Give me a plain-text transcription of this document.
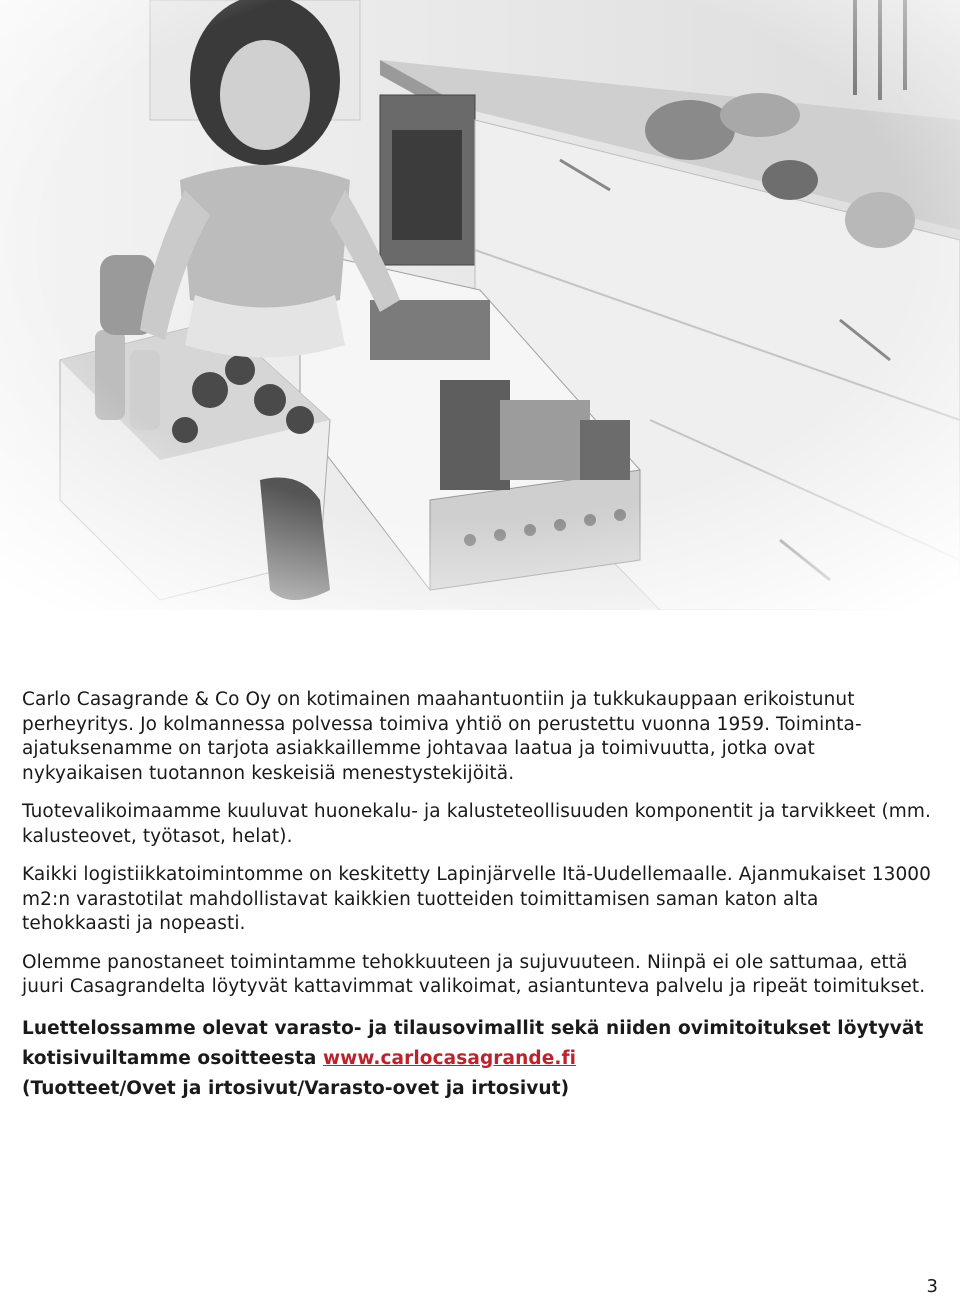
Carlo Casagrande & Co Oy on kotimainen maahantuontiin ja tukkukauppaan erikoistunut perheyritys. Jo kolmannessa polvessa toimiva yhtiö on perustettu vuonna 1959. Toiminta-ajatuksenamme on tarjota asiakkaillemme johtavaa laatua ja toimivuutta, jotka ovat nykyaikaisen tuotannon keskeisiä menestystekijöitä.

Tuotevalikoimaamme kuuluvat huonekalu- ja kalusteteollisuuden komponentit ja tarvikkeet (mm. kalusteovet, työtasot, helat).

Kaikki logistiikkatoimintomme on keskitetty Lapinjärvelle Itä-Uudellemaalle. Ajanmukaiset 13000 m2:n varastotilat mahdollistavat kaikkien tuotteiden toimittamisen saman katon alta tehokkaasti ja nopeasti.

Olemme panostaneet toimintamme tehokkuuteen ja sujuvuuteen. Niinpä ei ole sattumaa, että juuri Casagrandelta löytyvät kattavimmat valikoimat, asiantunteva palvelu ja ripeät toimitukset.

Luettelossamme olevat varasto- ja tilausovimallit sekä niiden ovimitoitukset löytyvät kotisivuiltamme osoitteesta www.carlocasagrande.fi

(Tuotteet/Ovet ja irtosivut/Varasto-ovet ja irtosivut)

3
